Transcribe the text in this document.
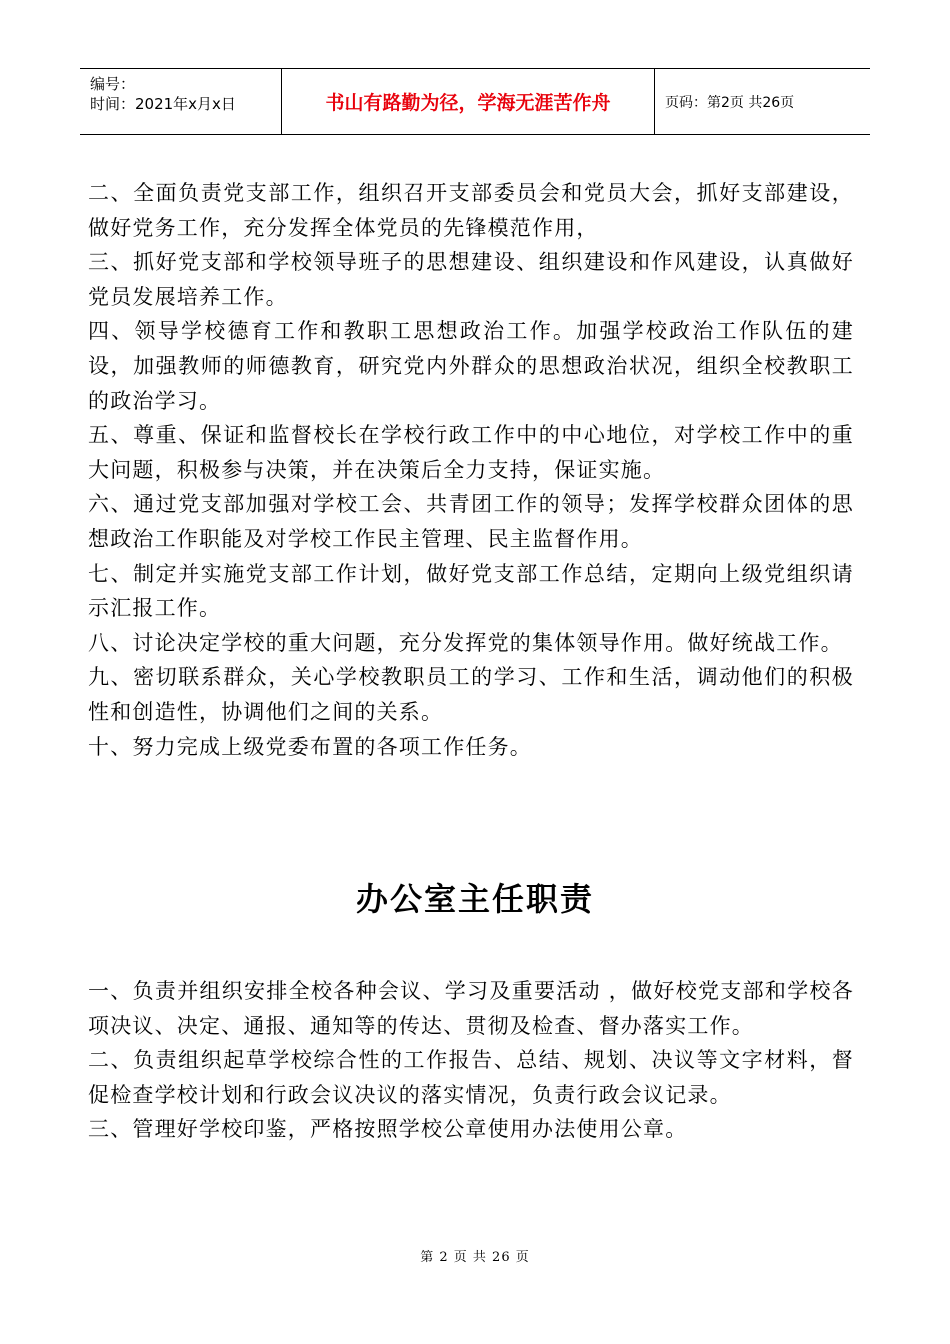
编号：
时间：2021年x月x日	书山有路勤为径，学海无涯苦作舟	页码：第2页 共26页

二、全面负责党支部工作，组织召开支部委员会和党员大会，抓好支部建设，做好党务工作，充分发挥全体党员的先锋模范作用，

三、抓好党支部和学校领导班子的思想建设、组织建设和作风建设，认真做好党员发展培养工作。

四、领导学校德育工作和教职工思想政治工作。加强学校政治工作队伍的建设，加强教师的师德教育，研究党内外群众的思想政治状况，组织全校教职工的政治学习。

五、尊重、保证和监督校长在学校行政工作中的中心地位，对学校工作中的重大问题，积极参与决策，并在决策后全力支持，保证实施。

六、通过党支部加强对学校工会、共青团工作的领导；发挥学校群众团体的思想政治工作职能及对学校工作民主管理、民主监督作用。

七、制定并实施党支部工作计划，做好党支部工作总结，定期向上级党组织请示汇报工作。

八、讨论决定学校的重大问题，充分发挥党的集体领导作用。做好统战工作。

九、密切联系群众，关心学校教职员工的学习、工作和生活，调动他们的积极性和创造性，协调他们之间的关系。

十、努力完成上级党委布置的各项工作任务。

办公室主任职责

一、负责并组织安排全校各种会议、学习及重要活动 ，做好校党支部和学校各项决议、决定、通报、通知等的传达、贯彻及检查、督办落实工作。

二、负责组织起草学校综合性的工作报告、总结、规划、决议等文字材料，督促检查学校计划和行政会议决议的落实情况，负责行政会议记录。

三、管理好学校印鉴，严格按照学校公章使用办法使用公章。

第 2 页 共 26 页
